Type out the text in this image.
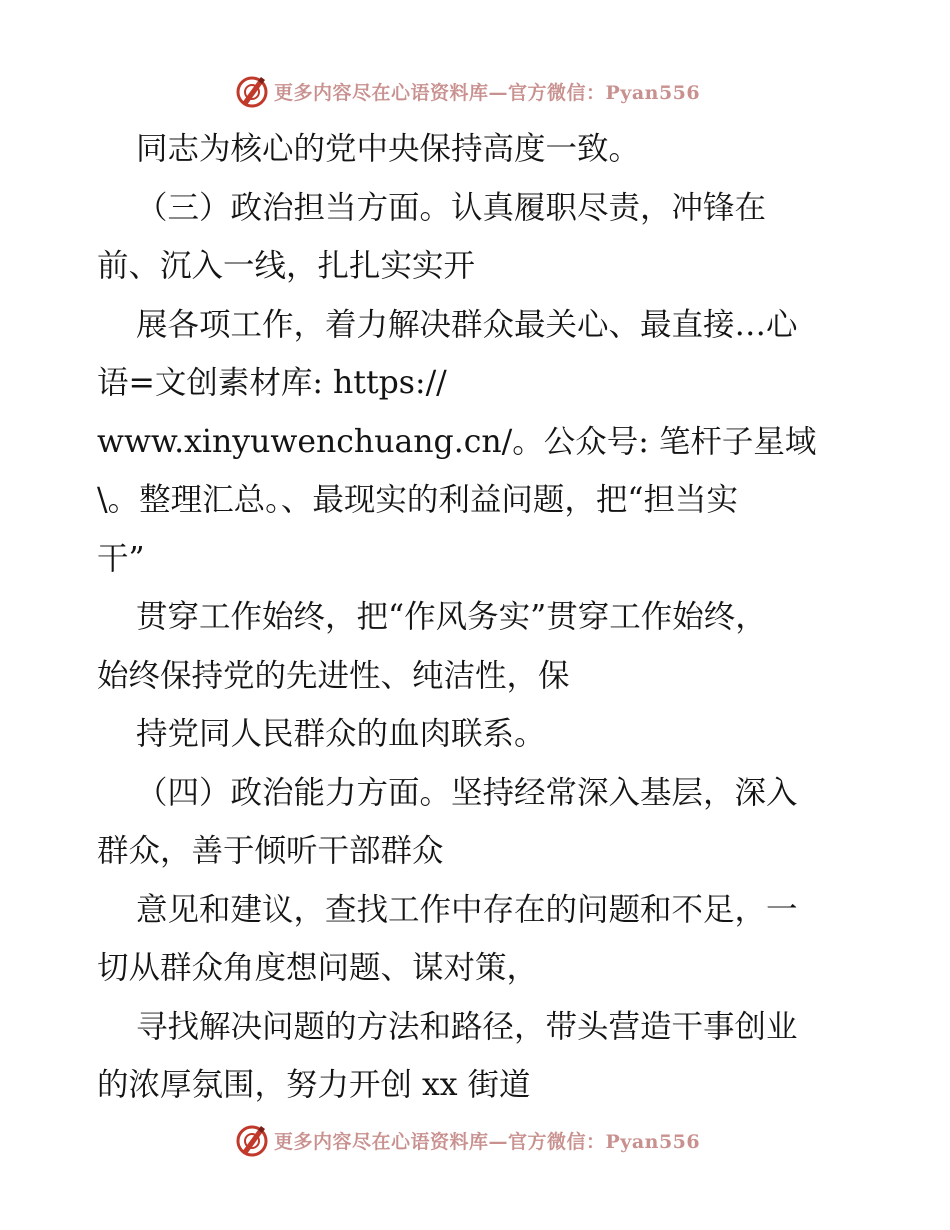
更多内容尽在心语资料库—官方微信：Pyan556
同志为核心的党中央保持高度一致。
（三）政治担当方面。认真履职尽责，冲锋在
前、沉入一线，扎扎实实开
展各项工作，着力解决群众最关心、最直接…心
语=文创素材库: https://
www.xinyuwenchuang.cn/。公众号: 笔杆子星域
\。整理汇总。、最现实的利益问题，把“担当实
干”
贯穿工作始终，把“作风务实”贯穿工作始终，
始终保持党的先进性、纯洁性，保
持党同人民群众的血肉联系。
（四）政治能力方面。坚持经常深入基层，深入
群众，善于倾听干部群众
意见和建议，查找工作中存在的问题和不足，一
切从群众角度想问题、谋对策，
寻找解决问题的方法和路径，带头营造干事创业
的浓厚氛围，努力开创 xx 街道
更多内容尽在心语资料库—官方微信：Pyan556
